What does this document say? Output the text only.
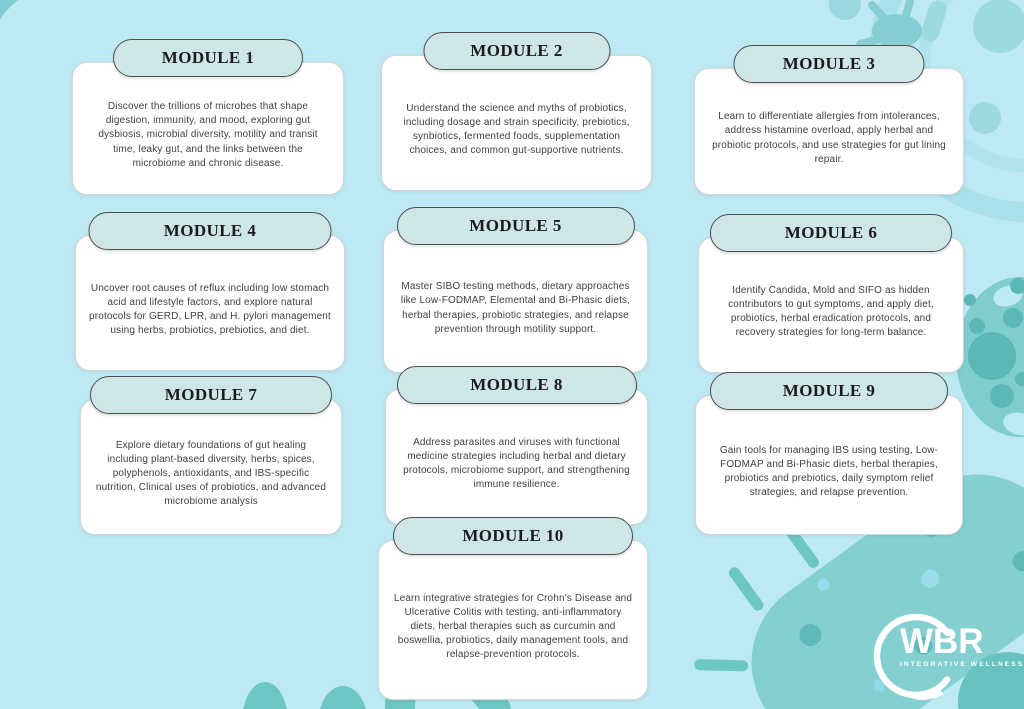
MODULE 1

Discover the trillions of microbes that shape digestion, immunity, and mood, exploring gut dysbiosis, microbial diversity, motility and transit time, leaky gut, and the links between the microbiome and chronic disease.

MODULE 2

Understand the science and myths of probiotics, including dosage and strain specificity, prebiotics, synbiotics, fermented foods, supplementation choices, and common gut-supportive nutrients.

MODULE 3

Learn to differentiate allergies from intolerances, address histamine overload, apply herbal and probiotic protocols, and use strategies for gut lining repair.

MODULE 4

Uncover root causes of reflux including low stomach acid and lifestyle factors, and explore natural protocols for GERD, LPR, and H. pylori management using herbs, probiotics, prebiotics, and diet.

MODULE 5

Master SIBO testing methods, dietary approaches like Low-FODMAP, Elemental and Bi-Phasic diets, herbal therapies, probiotic strategies, and relapse prevention through motility support.

MODULE 6

Identify Candida, Mold and SIFO as hidden contributors to gut symptoms, and apply diet, probiotics, herbal eradication protocols, and recovery strategies for long-term balance.

MODULE 7

Explore dietary foundations of gut healing including plant-based diversity, herbs, spices, polyphenols, antioxidants, and IBS-specific nutrition, Clinical uses of probiotics, and advanced microbiome analysis

MODULE 8

Address parasites and viruses with functional medicine strategies including herbal and dietary protocols, microbiome support, and strengthening immune resilience.

MODULE 9

Gain tools for managing IBS using testing, Low-FODMAP and Bi-Phasic diets, herbal therapies, probiotics and prebiotics, daily symptom relief strategies, and relapse prevention.

MODULE 10

Learn integrative strategies for Crohn's Disease and Ulcerative Colitis with testing, anti-inflammatory diets, herbal therapies such as curcumin and boswellia, probiotics, daily management tools, and relapse-prevention protocols.	WBR
INTEGRATIVE WELLNESS
